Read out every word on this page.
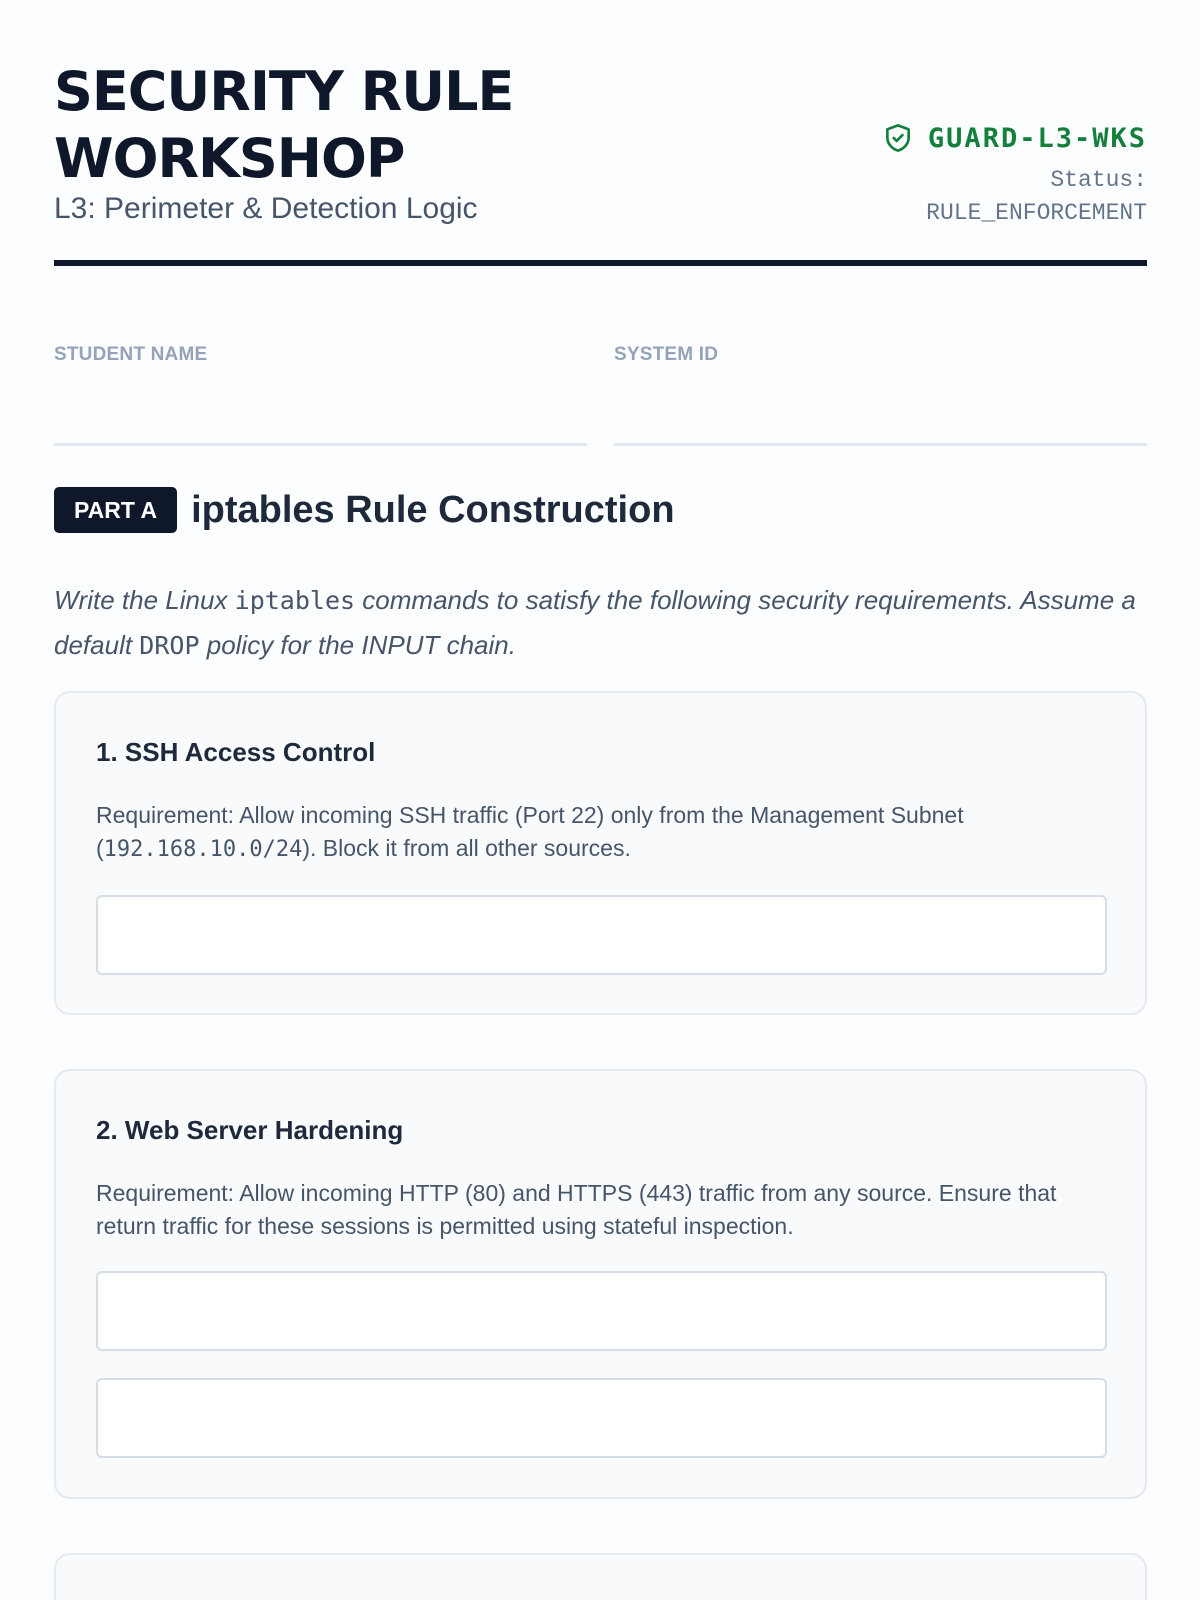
SECURITY RULE
WORKSHOP
L3: Perimeter & Detection Logic
GUARD-L3-WKS
Status:
RULE_ENFORCEMENT
STUDENT NAME	SYSTEM ID
PART A iptables Rule Construction
Write the Linux iptables commands to satisfy the following security requirements. Assume a default DROP policy for the INPUT chain.
1. SSH Access Control

Requirement: Allow incoming SSH traffic (Port 22) only from the Management Subnet (192.168.10.0/24). Block it from all other sources.

2. Web Server Hardening

Requirement: Allow incoming HTTP (80) and HTTPS (443) traffic from any source. Ensure that return traffic for these sessions is permitted using stateful inspection.
